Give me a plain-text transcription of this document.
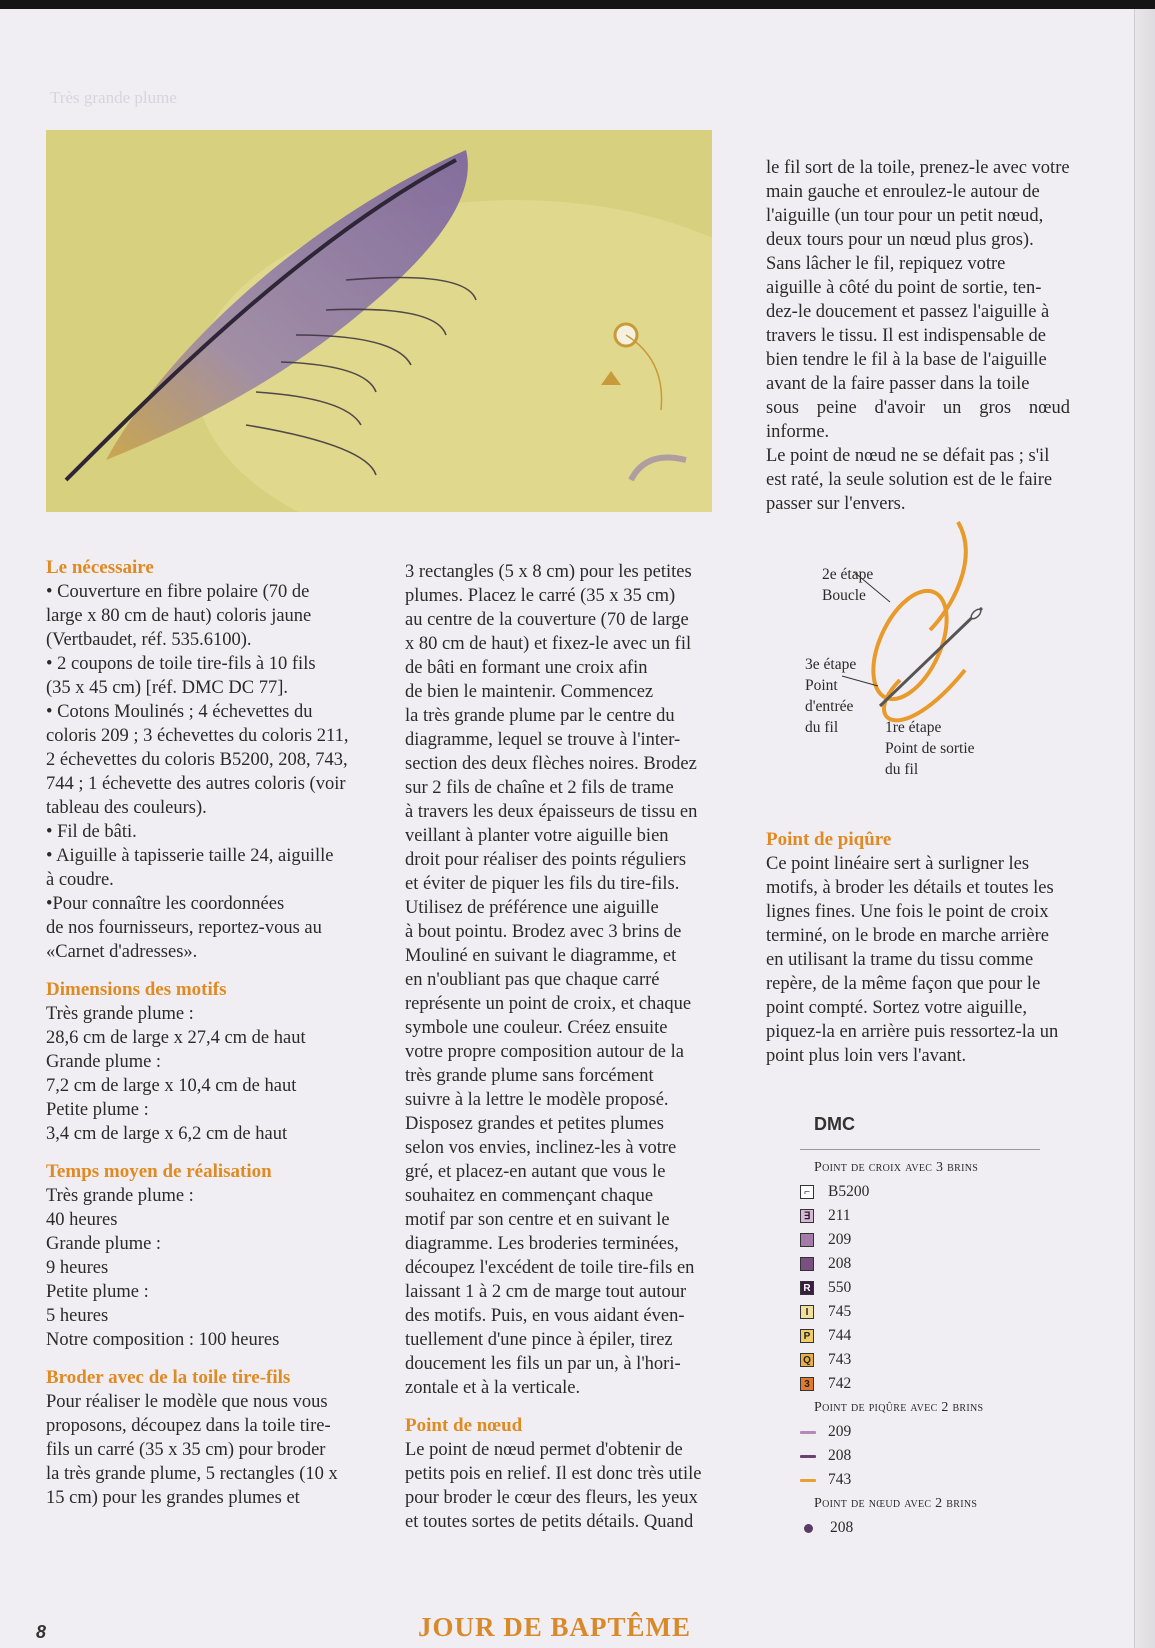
Très grande plume
Le nécessaire

• Couverture en fibre polaire (70 de
large x 80 cm de haut) coloris jaune
(Vertbaudet, réf. 535.6100).
• 2 coupons de toile tire-fils à 10 fils
(35 x 45 cm) [réf. DMC DC 77].
• Cotons Moulinés ; 4 échevettes du
coloris 209 ; 3 échevettes du coloris 211,
2 échevettes du coloris B5200, 208, 743,
744 ; 1 échevette des autres coloris (voir
tableau des couleurs).
• Fil de bâti.
• Aiguille à tapisserie taille 24, aiguille
à coudre.
•Pour connaître les coordonnées
de nos fournisseurs, reportez-vous au
«Carnet d'adresses».

Dimensions des motifs

Très grande plume :
28,6 cm de large x 27,4 cm de haut
Grande plume :
7,2 cm de large x 10,4 cm de haut
Petite plume :
3,4 cm de large x 6,2 cm de haut

Temps moyen de réalisation

Très grande plume :
40 heures
Grande plume :
9 heures
Petite plume :
5 heures
Notre composition : 100 heures

Broder avec de la toile tire-fils

Pour réaliser le modèle que nous vous
proposons, découpez dans la toile tire-
fils un carré (35 x 35 cm) pour broder
la très grande plume, 5 rectangles (10 x
15 cm) pour les grandes plumes et

3 rectangles (5 x 8 cm) pour les petites
plumes. Placez le carré (35 x 35 cm)
au centre de la couverture (70 de large
x 80 cm de haut) et fixez-le avec un fil
de bâti en formant une croix afin
de bien le maintenir. Commencez
la très grande plume par le centre du
diagramme, lequel se trouve à l'inter-
section des deux flèches noires. Brodez
sur 2 fils de chaîne et 2 fils de trame
à travers les deux épaisseurs de tissu en
veillant à planter votre aiguille bien
droit pour réaliser des points réguliers
et éviter de piquer les fils du tire-fils.
Utilisez de préférence une aiguille
à bout pointu. Brodez avec 3 brins de
Mouliné en suivant le diagramme, et
en n'oubliant pas que chaque carré
représente un point de croix, et chaque
symbole une couleur. Créez ensuite
votre propre composition autour de la
très grande plume sans forcément
suivre à la lettre le modèle proposé.
Disposez grandes et petites plumes
selon vos envies, inclinez-les à votre
gré, et placez-en autant que vous le
souhaitez en commençant chaque
motif par son centre et en suivant le
diagramme. Les broderies terminées,
découpez l'excédent de toile tire-fils en
laissant 1 à 2 cm de marge tout autour
des motifs. Puis, en vous aidant éven-
tuellement d'une pince à épiler, tirez
doucement les fils un par un, à l'hori-
zontale et à la verticale.

Point de nœud

Le point de nœud permet d'obtenir de
petits pois en relief. Il est donc très utile
pour broder le cœur des fleurs, les yeux
et toutes sortes de petits détails. Quand

le fil sort de la toile, prenez-le avec votre
main gauche et enroulez-le autour de
l'aiguille (un tour pour un petit nœud,
deux tours pour un nœud plus gros).
Sans lâcher le fil, repiquez votre
aiguille à côté du point de sortie, ten-
dez-le doucement et passez l'aiguille à
travers le tissu. Il est indispensable de
bien tendre le fil à la base de l'aiguille
avant de la faire passer dans la toile
sous peine d'avoir un gros nœud informe.
Le point de nœud ne se défait pas ; s'il
est raté, la seule solution est de le faire
passer sur l'envers.

2e étape
Boucle
3e étape
Point
d'entrée
du fil	1re étape
Point de sortie
du fil
Point de piqûre

Ce point linéaire sert à surligner les
motifs, à broder les détails et toutes les
lignes fines. Une fois le point de croix
terminé, on le brode en marche arrière
en utilisant la trame du tissu comme
repère, de la même façon que pour le
point compté. Sortez votre aiguille,
piquez-la en arrière puis ressortez-la un
point plus loin vers l'avant.

DMC
Point de croix avec 3 brins
⌐ B5200
∃ 211
209
208
R 550
I	745
P 744
Q 743
3 742
Point de piqûre avec 2 brins
209
208
743
Point de nœud avec 2 brins
208
8	JOUR DE BAPTÊME
